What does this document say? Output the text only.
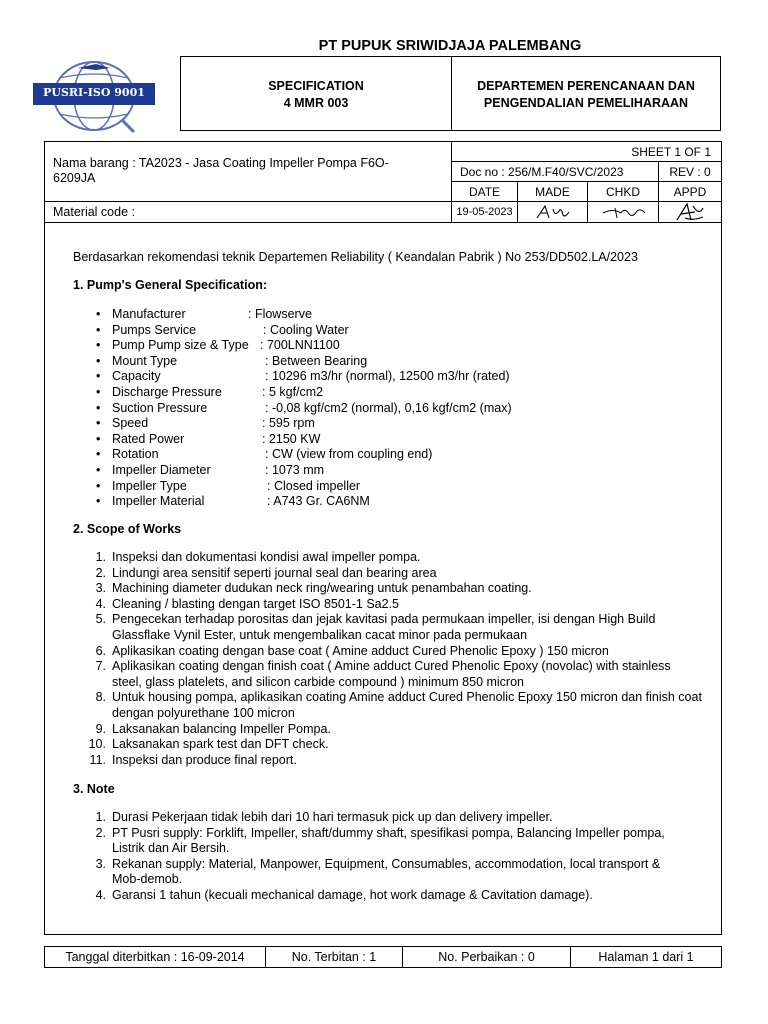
PT PUPUK SRIWIDJAJA PALEMBANG
PUSRI-ISO 9001	SPECIFICATION
4 MMR 003
DEPARTEMEN PERENCANAAN DAN
PENGENDALIAN PEMELIHARAAN
Nama barang : TA2023 - Jasa Coating Impeller Pompa F6O-
6209JA
SHEET 1 OF 1
Doc no : 256/M.F40/SVC/2023	REV : 0
DATE	MADE	CHKD	APPD
Material code :	19-05-2023
Berdasarkan rekomendasi teknik Departemen Reliability ( Keandalan Pabrik ) No 253/DD502.LA/2023
1. Pump's General Specification:
Manufacturer	: Flowserve
Pumps Service	: Cooling Water
Pump Pump size & Type : 700LNN1100
Mount Type	: Between Bearing
Capacity	: 10296 m3/hr (normal), 12500 m3/hr (rated)
Discharge Pressure	: 5 kgf/cm2
Suction Pressure	: -0,08 kgf/cm2 (normal), 0,16 kgf/cm2 (max)
Speed	: 595 rpm
Rated Power	: 2150 KW
Rotation	: CW (view from coupling end)
Impeller Diameter	: 1073 mm
Impeller Type	: Closed impeller
Impeller Material	: A743 Gr. CA6NM
2. Scope of Works
1. Inspeksi dan dokumentasi kondisi awal impeller pompa.
2. Lindungi area sensitif seperti journal seal dan bearing area
3. Machining diameter dudukan neck ring/wearing untuk penambahan coating.
4. Cleaning / blasting dengan target ISO 8501-1 Sa2.5
5. Pengecekan terhadap porositas dan jejak kavitasi pada permukaan impeller, isi dengan High Build Glassflake Vynil Ester, untuk mengembalikan cacat minor pada permukaan
6. Aplikasikan coating dengan base coat ( Amine adduct Cured Phenolic Epoxy ) 150 micron
7. Aplikasikan coating dengan finish coat ( Amine adduct Cured Phenolic Epoxy (novolac) with stainless steel, glass platelets, and silicon carbide compound ) minimum 850 micron
8. Untuk housing pompa, aplikasikan coating Amine adduct Cured Phenolic Epoxy 150 micron dan finish coat dengan polyurethane 100 micron
9. Laksanakan balancing Impeller Pompa.
10. Laksanakan spark test dan DFT check.
11. Inspeksi dan produce final report.
3. Note
1. Durasi Pekerjaan tidak lebih dari 10 hari termasuk pick up dan delivery impeller.
2. PT Pusri supply: Forklift, Impeller, shaft/dummy shaft, spesifikasi pompa, Balancing Impeller pompa, Listrik dan Air Bersih.
3. Rekanan supply: Material, Manpower, Equipment, Consumables, accommodation, local transport & Mob-demob.
4. Garansi 1 tahun (kecuali mechanical damage, hot work damage & Cavitation damage).
Tanggal diterbitkan : 16-09-2014	No. Terbitan : 1	No. Perbaikan : 0	Halaman 1 dari 1
